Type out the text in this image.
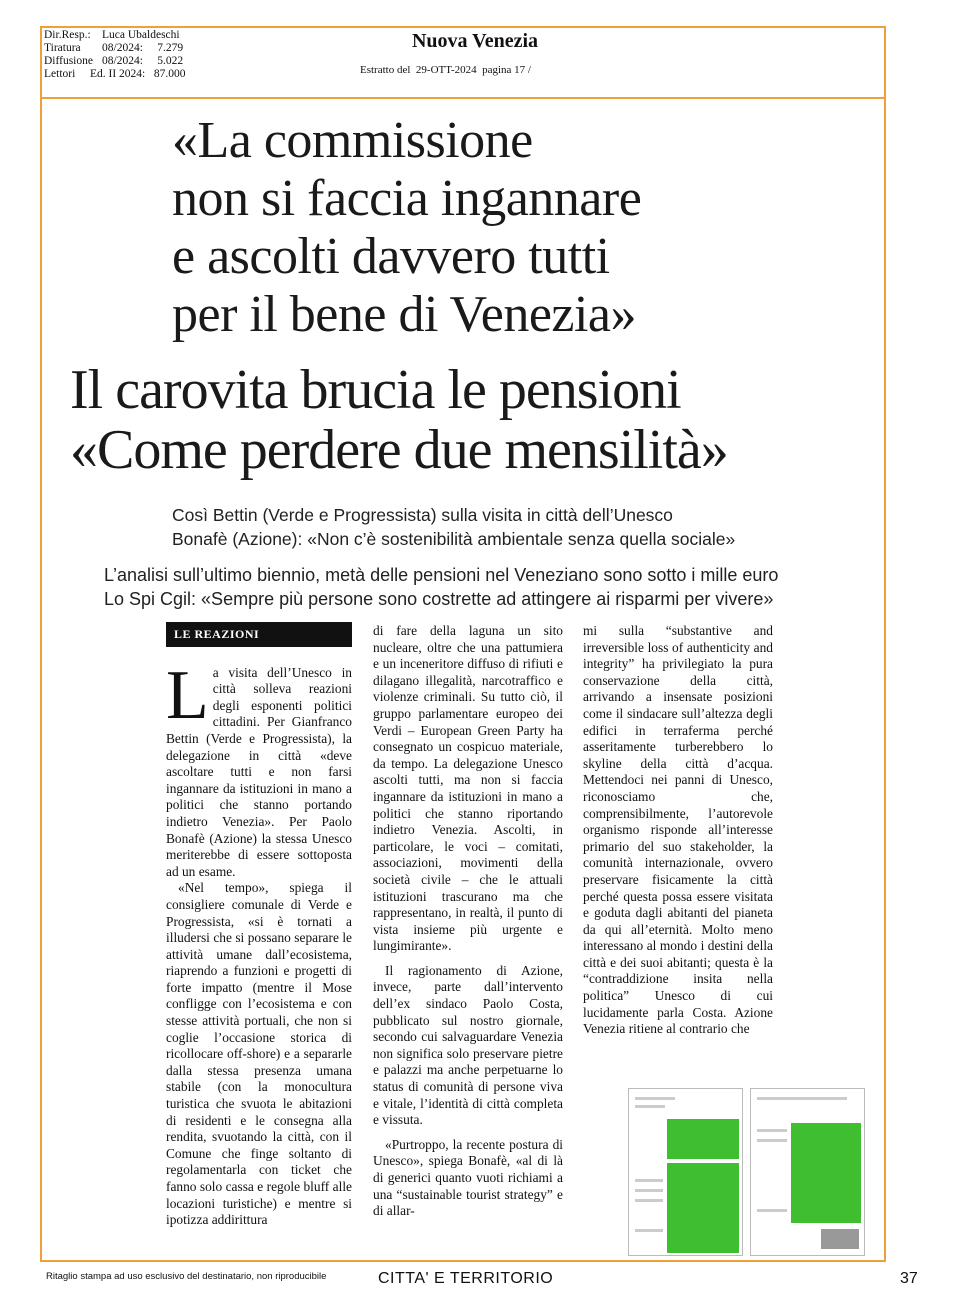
Dir.Resp.: Luca Ubaldeschi
Tiratura	08/2024:     7.279
Diffusione 08/2024:     5.022
Lettori	Ed. II 2024:   87.000
Nuova Venezia
Estratto del  29-OTT-2024  pagina 17 /
«La commissione
non si faccia ingannare
e ascolti davvero tutti
per il bene di Venezia»
Il carovita brucia le pensioni
«Come perdere due mensilità»
Così Bettin (Verde e Progressista) sulla visita in città dell’Unesco
Bonafè (Azione): «Non c’è sostenibilità ambientale senza quella sociale»
L’analisi sull’ultimo biennio, metà delle pensioni nel Veneziano sono sotto i mille euro
Lo Spi Cgil: «Sempre più persone sono costrette ad attingere ai risparmi per vivere»
LE REAZIONI

La visita dell’Unesco in città solleva reazioni degli esponenti politici cittadini. Per Gianfranco Bettin (Verde e Progressista), la delegazione in città «deve ascoltare tutti e non farsi ingannare da istituzioni in mano a politici che stanno portando indietro Venezia». Per Paolo Bonafè (Azione) la stessa Unesco meriterebbe di essere sottoposta ad un esame.

«Nel tempo», spiega il consigliere comunale di Verde e Progressista, «si è tornati a illudersi che si possano separare le attività umane dall’ecosistema, riaprendo a funzioni e progetti di forte impatto (mentre il Mose confligge con l’ecosistema e con stesse attività portuali, che non si coglie l’occasione storica di ricollocare off-shore) e a separarle dalla stessa presenza umana stabile (con la monocultura turistica che svuota le abitazioni di residenti e le consegna alla rendita, svuotando la città, con il Comune che finge soltanto di regolamentarla con ticket che fanno solo cassa e regole bluff alle locazioni turistiche) e mentre si ipotizza addirittura

di fare della laguna un sito nucleare, oltre che una pattumiera e un inceneritore diffuso di rifiuti e dilagano illegalità, narcotraffico e violenze criminali. Su tutto ciò, il gruppo parlamentare europeo dei Verdi – European Green Party ha consegnato un cospicuo materiale, da tempo. La delegazione Unesco ascolti tutti, ma non si faccia ingannare da istituzioni in mano a politici che stanno riportando indietro Venezia. Ascolti, in particolare, le voci – comitati, associazioni, movimenti della società civile – che le attuali istituzioni trascurano ma che rappresentano, in realtà, il punto di vista insieme più urgente e lungimirante».

Il ragionamento di Azione, invece, parte dall’intervento dell’ex sindaco Paolo Costa, pubblicato sul nostro giornale, secondo cui salvaguardare Venezia non significa solo preservare pietre e palazzi ma anche perpetuarne lo status di comunità di persone viva e vitale, l’identità di città completa e vissuta.

«Purtroppo, la recente postura di Unesco», spiega Bonafè, «al di là di generici quanto vuoti richiami a una “sustainable tourist strategy” e di allar-

mi sulla “substantive and irreversible loss of authenticity and integrity” ha privilegiato la pura conservazione della città, arrivando a insensate posizioni come il sindacare sull’altezza degli edifici in terraferma perché asseritamente turberebbero lo skyline della città d’acqua. Mettendoci nei panni di Unesco, riconosciamo che, comprensibilmente, l’autorevole organismo risponde all’interesse primario del suo stakeholder, la comunità internazionale, ovvero preservare fisicamente la città perché questa possa essere visitata e goduta dagli abitanti del pianeta da qui all’eternità. Molto meno interessano al mondo i destini della città e dei suoi abitanti; questa è la “contraddizione insita nella politica” Unesco di cui lucidamente parla Costa. Azione Venezia ritiene al contrario che

Ritaglio stampa ad uso esclusivo del destinatario, non riproducibile	CITTA' E TERRITORIO	37
